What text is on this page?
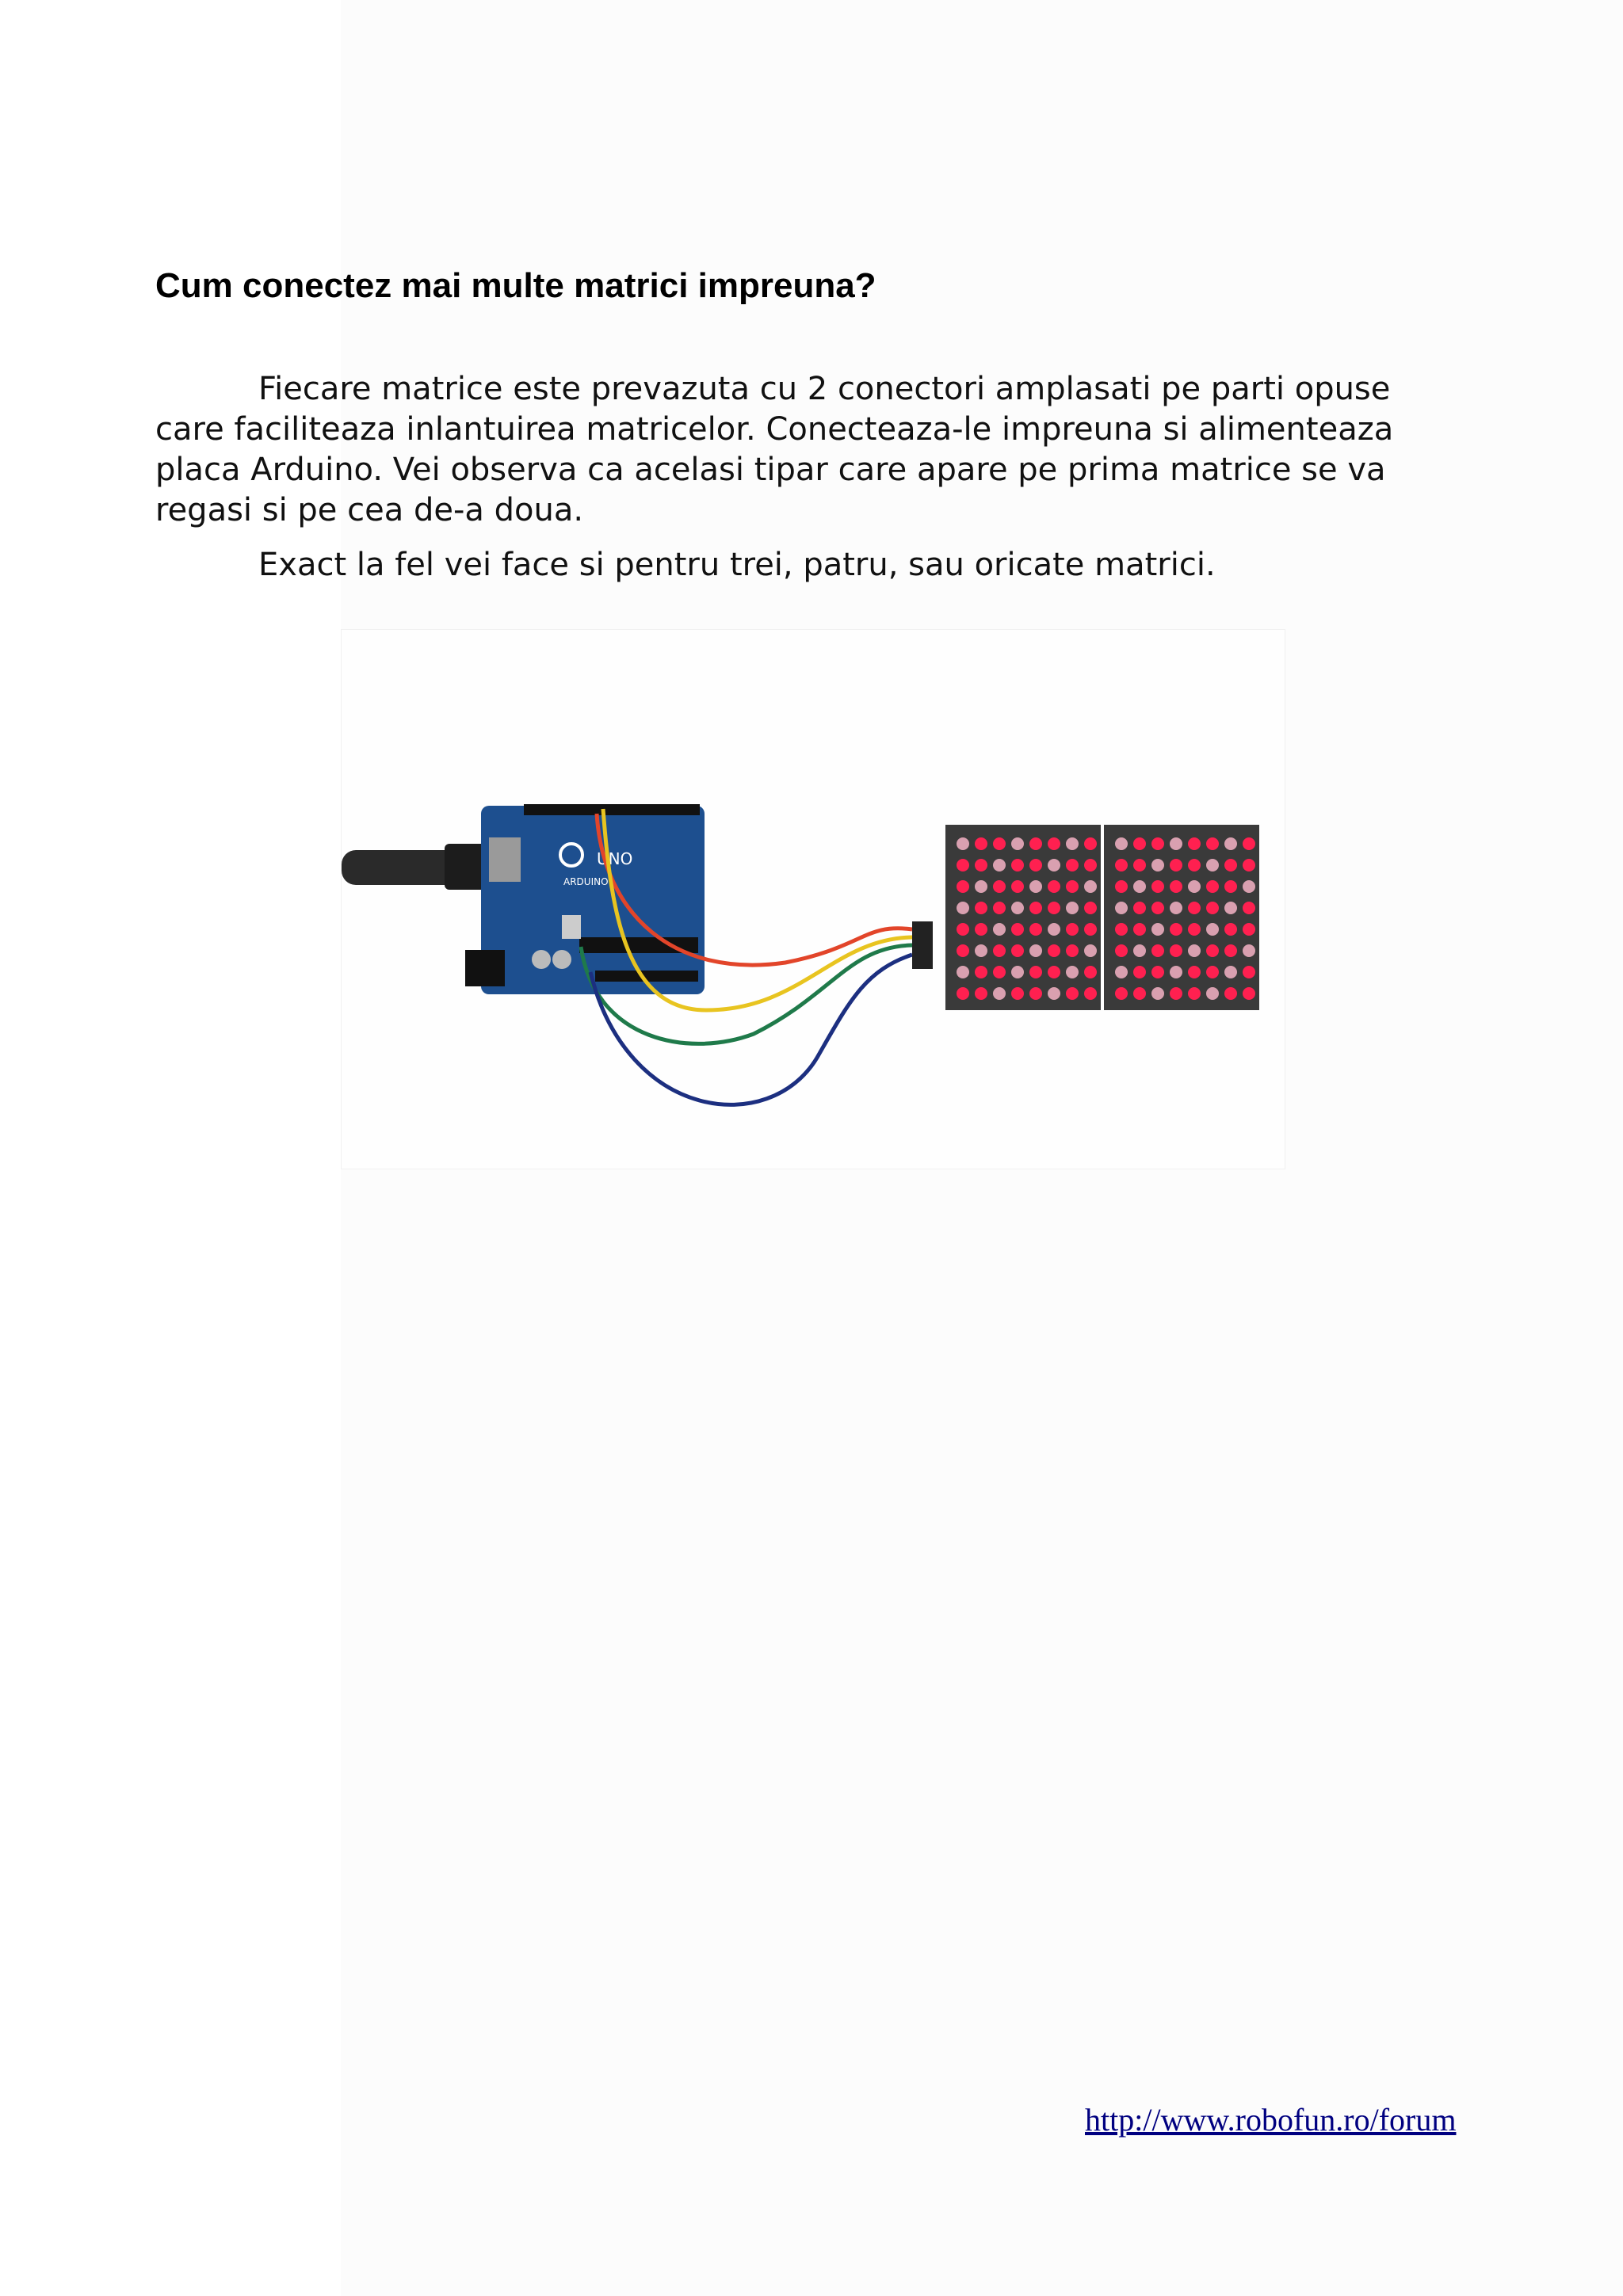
Cum conectez mai multe matrici impreuna?

Fiecare matrice este prevazuta cu 2 conectori amplasati pe parti opuse care faciliteaza inlantuirea matricelor. Conecteaza-le impreuna si alimenteaza placa Arduino. Vei observa ca acelasi tipar care apare pe prima matrice se va regasi si pe cea de-a doua.

Exact la fel vei face si pentru trei, patru, sau oricate matrici.

UNO
ARDUINO
http://www.robofun.ro/forum
